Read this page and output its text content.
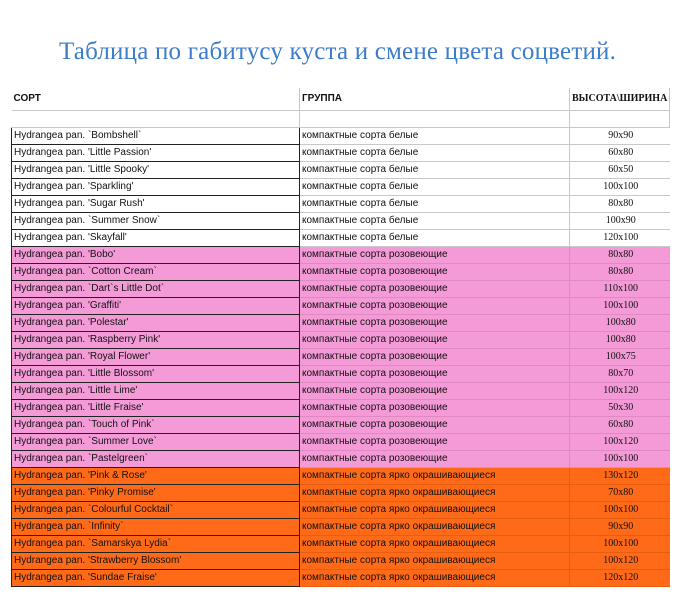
Таблица по габитусу куста и смене цвета соцветий.
СОРТ	ГРУППА	ВЫСОТА\ШИРИНА

Hydrangea pan. `Bombshell`	компактные сорта белые	90x90
Hydrangea pan. 'Little Passion'	компактные сорта белые	60x80
Hydrangea pan. 'Little Spooky'	компактные сорта белые	60x50
Hydrangea pan. 'Sparkling'	компактные сорта белые	100x100
Hydrangea pan. 'Sugar Rush'	компактные сорта белые	80x80
Hydrangea pan. `Summer Snow`	компактные сорта белые	100x90
Hydrangea pan. 'Skayfall'	компактные сорта белые	120x100
Hydrangea pan. 'Bobo'	компактные сорта розовеющие	80x80
Hydrangea pan. `Cotton Cream`	компактные сорта розовеющие	80x80
Hydrangea pan. `Dart`s Little Dot`	компактные сорта розовеющие	110x100
Hydrangea pan. 'Graffiti'	компактные сорта розовеющие	100x100
Hydrangea pan. 'Polestar'	компактные сорта розовеющие	100x80
Hydrangea pan. 'Raspberry Pink'	компактные сорта розовеющие	100x80
Hydrangea pan. 'Royal Flower'	компактные сорта розовеющие	100x75
Hydrangea pan. 'Little Blossom'	компактные сорта розовеющие	80x70
Hydrangea pan. 'Little Lime'	компактные сорта розовеющие	100x120
Hydrangea pan. 'Little Fraise'	компактные сорта розовеющие	50x30
Hydrangea pan. `Touch of Pink`	компактные сорта розовеющие	60x80
Hydrangea pan. `Summer Love`	компактные сорта розовеющие	100x120
Hydrangea pan. `Pastelgreen`	компактные сорта розовеющие	100x100
Hydrangea pan. 'Pink & Rose'	компактные сорта ярко окрашивающиеся	130x120
Hydrangea pan. 'Pinky Promise'	компактные сорта ярко окрашивающиеся	70x80
Hydrangea pan. `Colourful Cocktail`	компактные сорта ярко окрашивающиеся	100x100
Hydrangea pan. `Infinity`	компактные сорта ярко окрашивающиеся	90x90
Hydrangea pan. `Samarskya Lydia`	компактные сорта ярко окрашивающиеся	100x100
Hydrangea pan. 'Strawberry Blossom'	компактные сорта ярко окрашивающиеся	100x120
Hydrangea pan. 'Sundae Fraise'	компактные сорта ярко окрашивающиеся	120x120
